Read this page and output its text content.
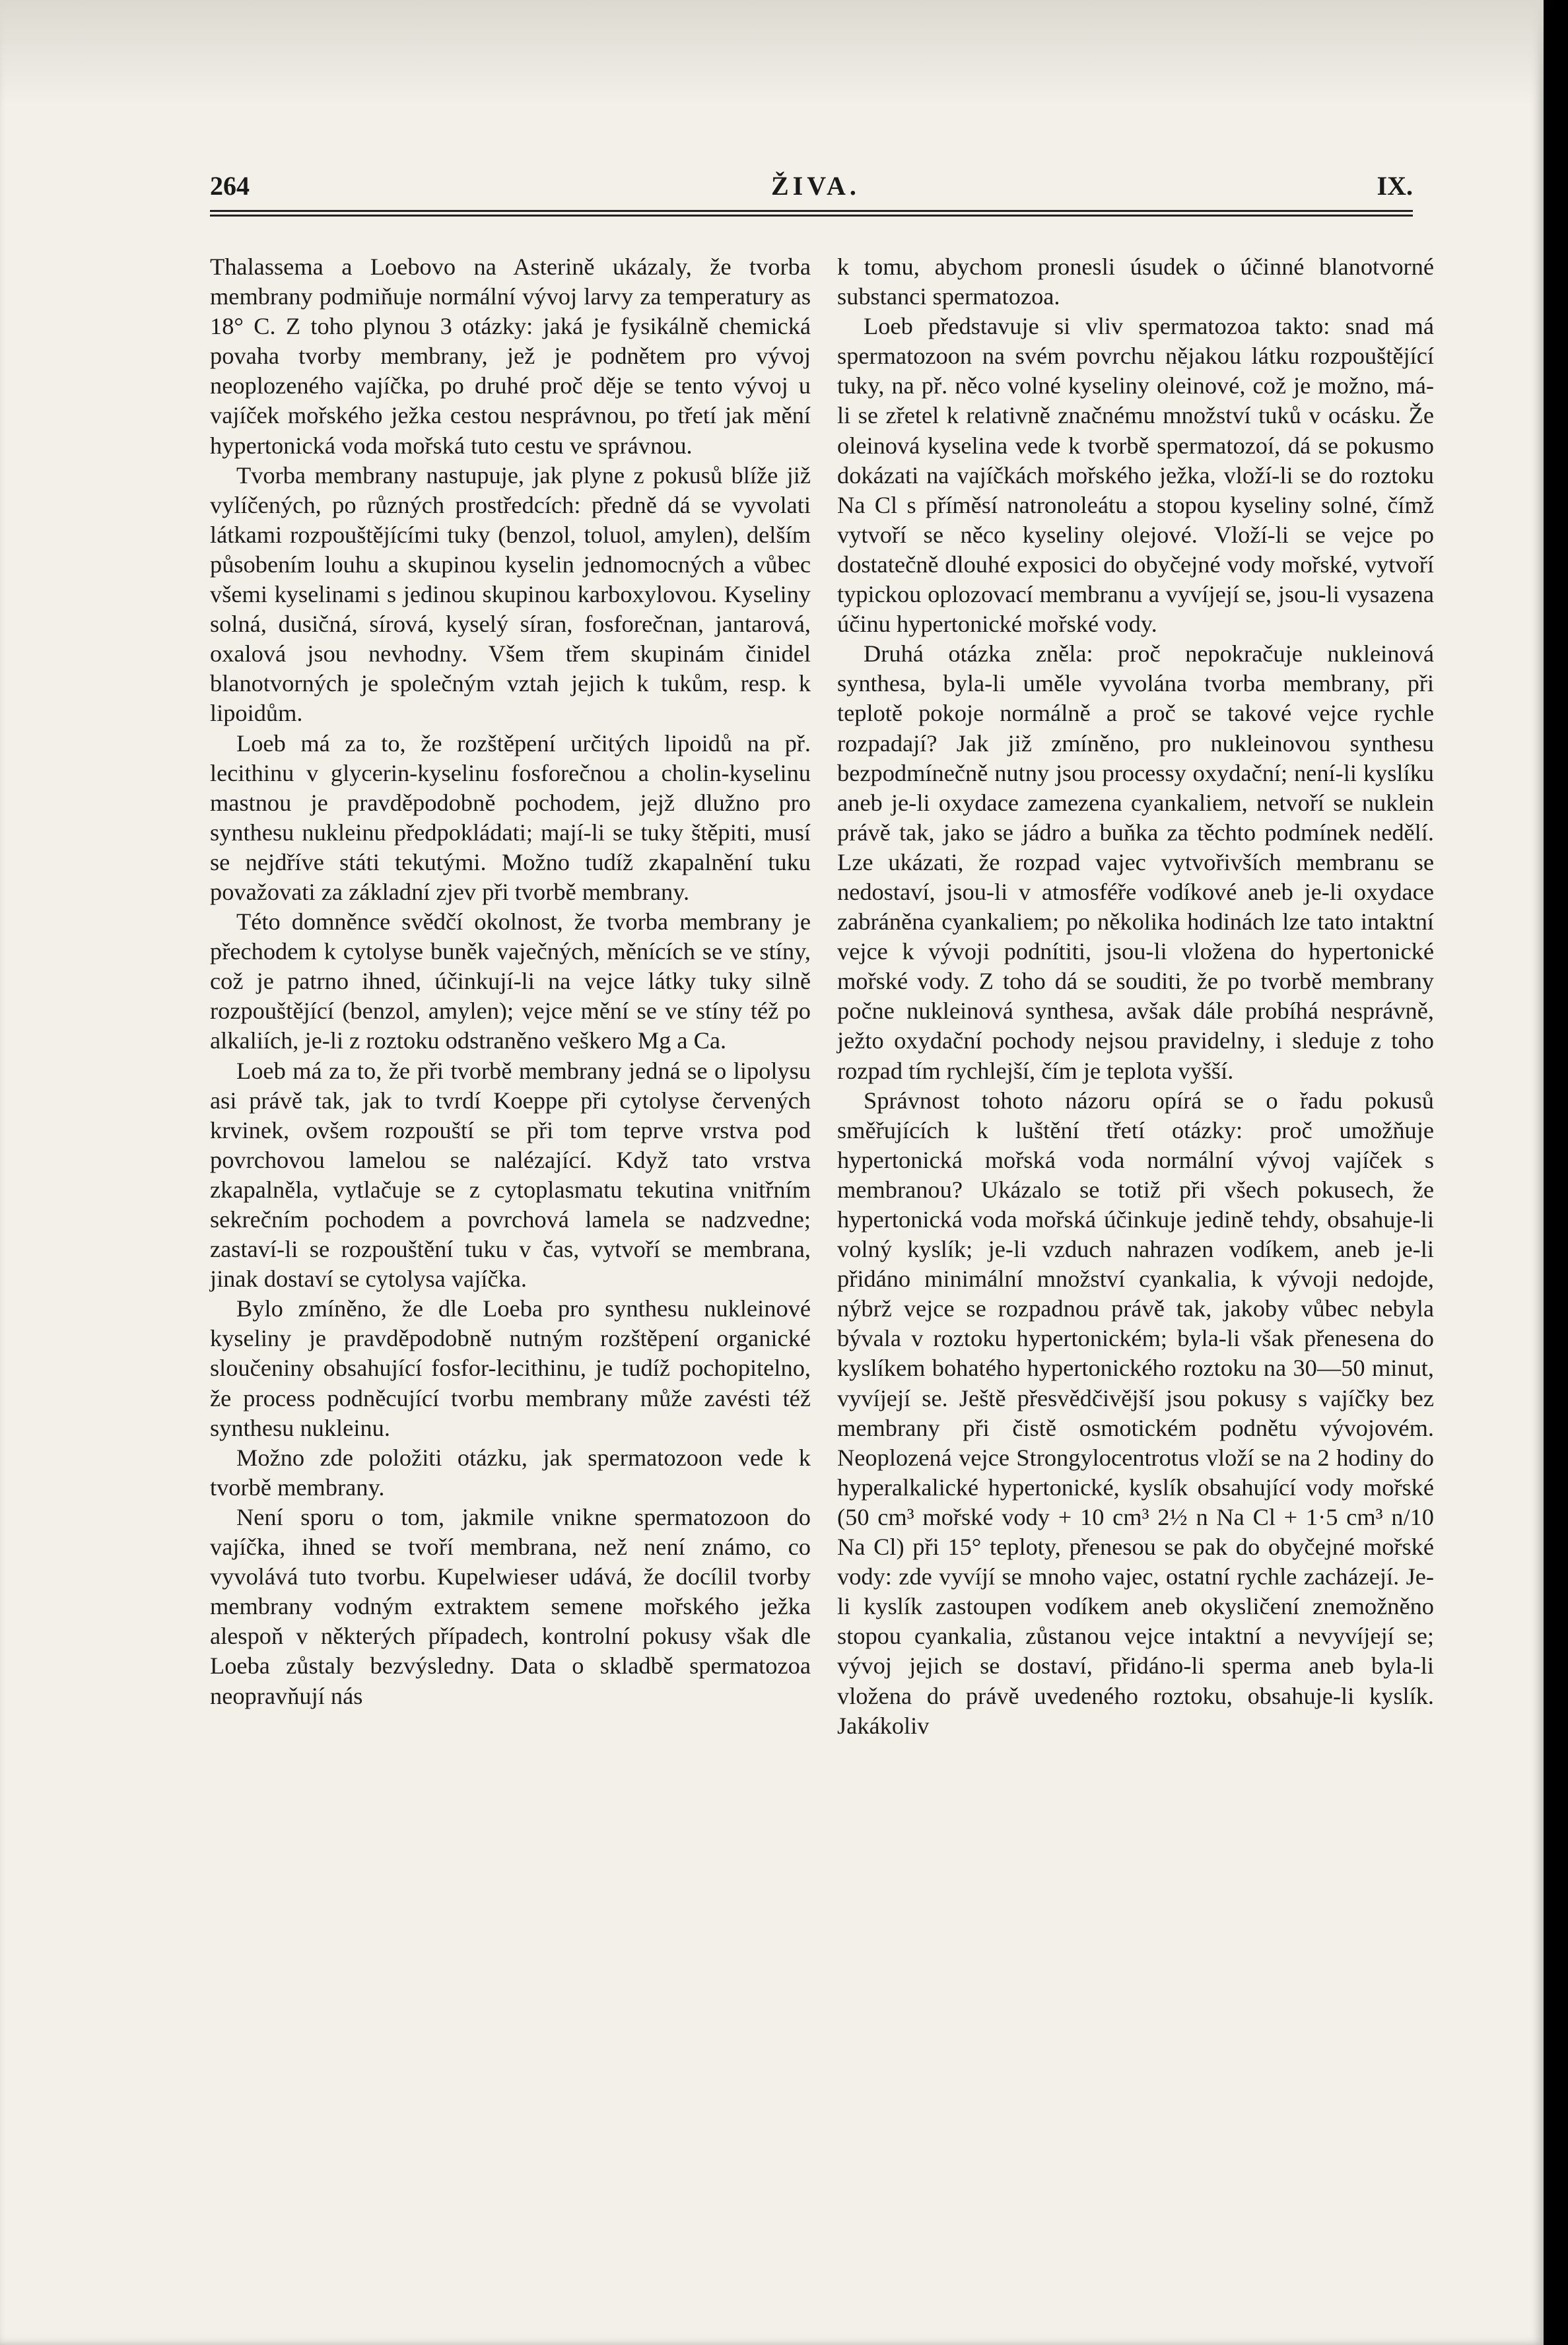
264	ŽIVA.	IX.

Thalassema a Loebovo na Asterině ukázaly, že tvorba membrany podmiňuje normální vývoj larvy za temperatury as 18° C. Z toho plynou 3 otázky: jaká je fysikálně chemická povaha tvorby membrany, jež je podnětem pro vývoj neoplozeného vajíčka, po druhé proč děje se tento vývoj u vajíček mořského ježka cestou nesprávnou, po třetí jak mění hypertonická voda mořská tuto cestu ve správnou.

Tvorba membrany nastupuje, jak plyne z pokusů blíže již vylíčených, po různých prostředcích: předně dá se vyvolati látkami rozpouštějícími tuky (benzol, toluol, amylen), delším působením louhu a skupinou kyselin jednomocných a vůbec všemi kyselinami s jedinou skupinou karboxylovou. Kyseliny solná, dusičná, sírová, kyselý síran, fosforečnan, jantarová, oxalová jsou nevhodny. Všem třem skupinám činidel blanotvorných je společným vztah jejich k tukům, resp. k lipoidům.

Loeb má za to, že rozštěpení určitých lipoidů na př. lecithinu v glycerin-kyselinu fosforečnou a cholin-kyselinu mastnou je pravděpodobně pochodem, jejž dlužno pro synthesu nukleinu předpokládati; mají-li se tuky štěpiti, musí se nejdříve státi tekutými. Možno tudíž zkapalnění tuku považovati za základní zjev při tvorbě membrany.

Této domněnce svědčí okolnost, že tvorba membrany je přechodem k cytolyse buněk vaječných, měnících se ve stíny, což je patrno ihned, účinkují-li na vejce látky tuky silně rozpouštějící (benzol, amylen); vejce mění se ve stíny též po alkaliích, je-li z roztoku odstraněno veškero Mg a Ca.

Loeb má za to, že při tvorbě membrany jedná se o lipolysu asi právě tak, jak to tvrdí Koeppe při cytolyse červených krvinek, ovšem rozpouští se při tom teprve vrstva pod povrchovou lamelou se nalézající. Když tato vrstva zkapalněla, vytlačuje se z cytoplasmatu tekutina vnitřním sekrečním pochodem a povrchová lamela se nadzvedne; zastaví-li se rozpouštění tuku v čas, vytvoří se membrana, jinak dostaví se cytolysa vajíčka.

Bylo zmíněno, že dle Loeba pro synthesu nukleinové kyseliny je pravděpodobně nutným rozštěpení organické sloučeniny obsahující fosfor-lecithinu, je tudíž pochopitelno, že process podněcující tvorbu membrany může zavésti též synthesu nukleinu.

Možno zde položiti otázku, jak spermatozoon vede k tvorbě membrany.

Není sporu o tom, jakmile vnikne spermatozoon do vajíčka, ihned se tvoří membrana, než není známo, co vyvolává tuto tvorbu. Kupelwieser udává, že docílil tvorby membrany vodným extraktem semene mořského ježka alespoň v některých případech, kontrolní pokusy však dle Loeba zůstaly bezvýsledny. Data o skladbě spermatozoa neopravňují nás

k tomu, abychom pronesli úsudek o účinné blanotvorné substanci spermatozoa.

Loeb představuje si vliv spermatozoa takto: snad má spermatozoon na svém povrchu nějakou látku rozpouštějící tuky, na př. něco volné kyseliny oleinové, což je možno, má-li se zřetel k relativně značnému množství tuků v ocásku. Že oleinová kyselina vede k tvorbě spermatozoí, dá se pokusmo dokázati na vajíčkách mořského ježka, vloží-li se do roztoku Na Cl s příměsí natronoleátu a stopou kyseliny solné, čímž vytvoří se něco kyseliny olejové. Vloží-li se vejce po dostatečně dlouhé exposici do obyčejné vody mořské, vytvoří typickou oplozovací membranu a vyvíjejí se, jsou-li vysazena účinu hypertonické mořské vody.

Druhá otázka zněla: proč nepokračuje nukleinová synthesa, byla-li uměle vyvolána tvorba membrany, při teplotě pokoje normálně a proč se takové vejce rychle rozpadají? Jak již zmíněno, pro nukleinovou synthesu bezpodmínečně nutny jsou processy oxydační; není-li kyslíku aneb je-li oxydace zamezena cyankaliem, netvoří se nuklein právě tak, jako se jádro a buňka za těchto podmínek nedělí. Lze ukázati, že rozpad vajec vytvořivších membranu se nedostaví, jsou-li v atmosféře vodíkové aneb je-li oxydace zabráněna cyankaliem; po několika hodinách lze tato intaktní vejce k vývoji podnítiti, jsou-li vložena do hypertonické mořské vody. Z toho dá se souditi, že po tvorbě membrany počne nukleinová synthesa, avšak dále probíhá nesprávně, ježto oxydační pochody nejsou pravidelny, i sleduje z toho rozpad tím rychlejší, čím je teplota vyšší.

Správnost tohoto názoru opírá se o řadu pokusů směřujících k luštění třetí otázky: proč umožňuje hypertonická mořská voda normální vývoj vajíček s membranou? Ukázalo se totiž při všech pokusech, že hypertonická voda mořská účinkuje jedině tehdy, obsahuje-li volný kyslík; je-li vzduch nahrazen vodíkem, aneb je-li přidáno minimální množství cyankalia, k vývoji nedojde, nýbrž vejce se rozpadnou právě tak, jakoby vůbec nebyla bývala v roztoku hypertonickém; byla-li však přenesena do kyslíkem bohatého hypertonického roztoku na 30—50 minut, vyvíjejí se. Ještě přesvědčivější jsou pokusy s vajíčky bez membrany při čistě osmotickém podnětu vývojovém. Neoplozená vejce Strongylocentrotus vloží se na 2 hodiny do hyperalkalické hypertonické, kyslík obsahující vody mořské (50 cm³ mořské vody + 10 cm³ 2½ n Na Cl + 1·5 cm³ n/10 Na Cl) při 15° teploty, přenesou se pak do obyčejné mořské vody: zde vyvíjí se mnoho vajec, ostatní rychle zacházejí. Je-li kyslík zastoupen vodíkem aneb okysličení znemožněno stopou cyankalia, zůstanou vejce intaktní a nevyvíjejí se; vývoj jejich se dostaví, přidáno-li sperma aneb byla-li vložena do právě uvedeného roztoku, obsahuje-li kyslík. Jakákoliv
